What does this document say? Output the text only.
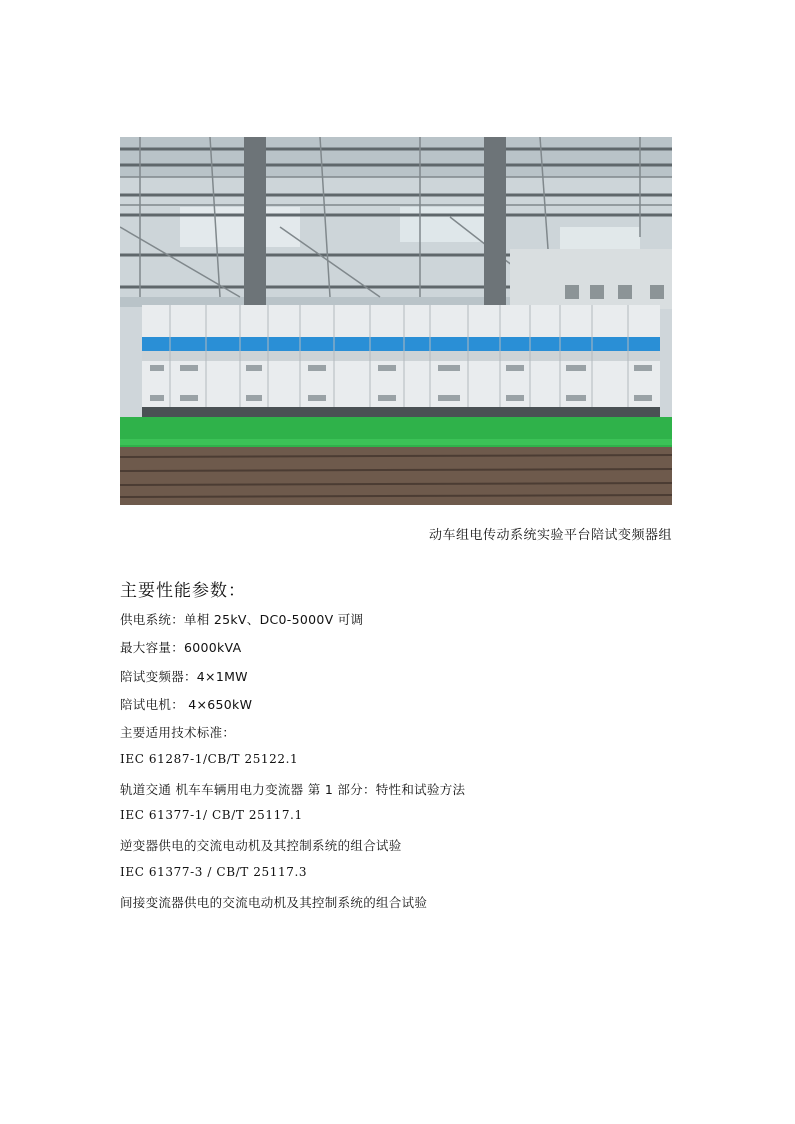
动车组电传动系统实验平台陪试变频器组
主要性能参数：
供电系统：单相 25kV、DC0-5000V 可调
最大容量：6000kVA
陪试变频器：4×1MW
陪试电机： 4×650kW
主要适用技术标准：
IEC 61287-1/CB/T 25122.1
轨道交通 机车车辆用电力变流器 第 1 部分：特性和试验方法
IEC 61377-1/ CB/T 25117.1
逆变器供电的交流电动机及其控制系统的组合试验
IEC 61377-3 / CB/T 25117.3
间接变流器供电的交流电动机及其控制系统的组合试验
